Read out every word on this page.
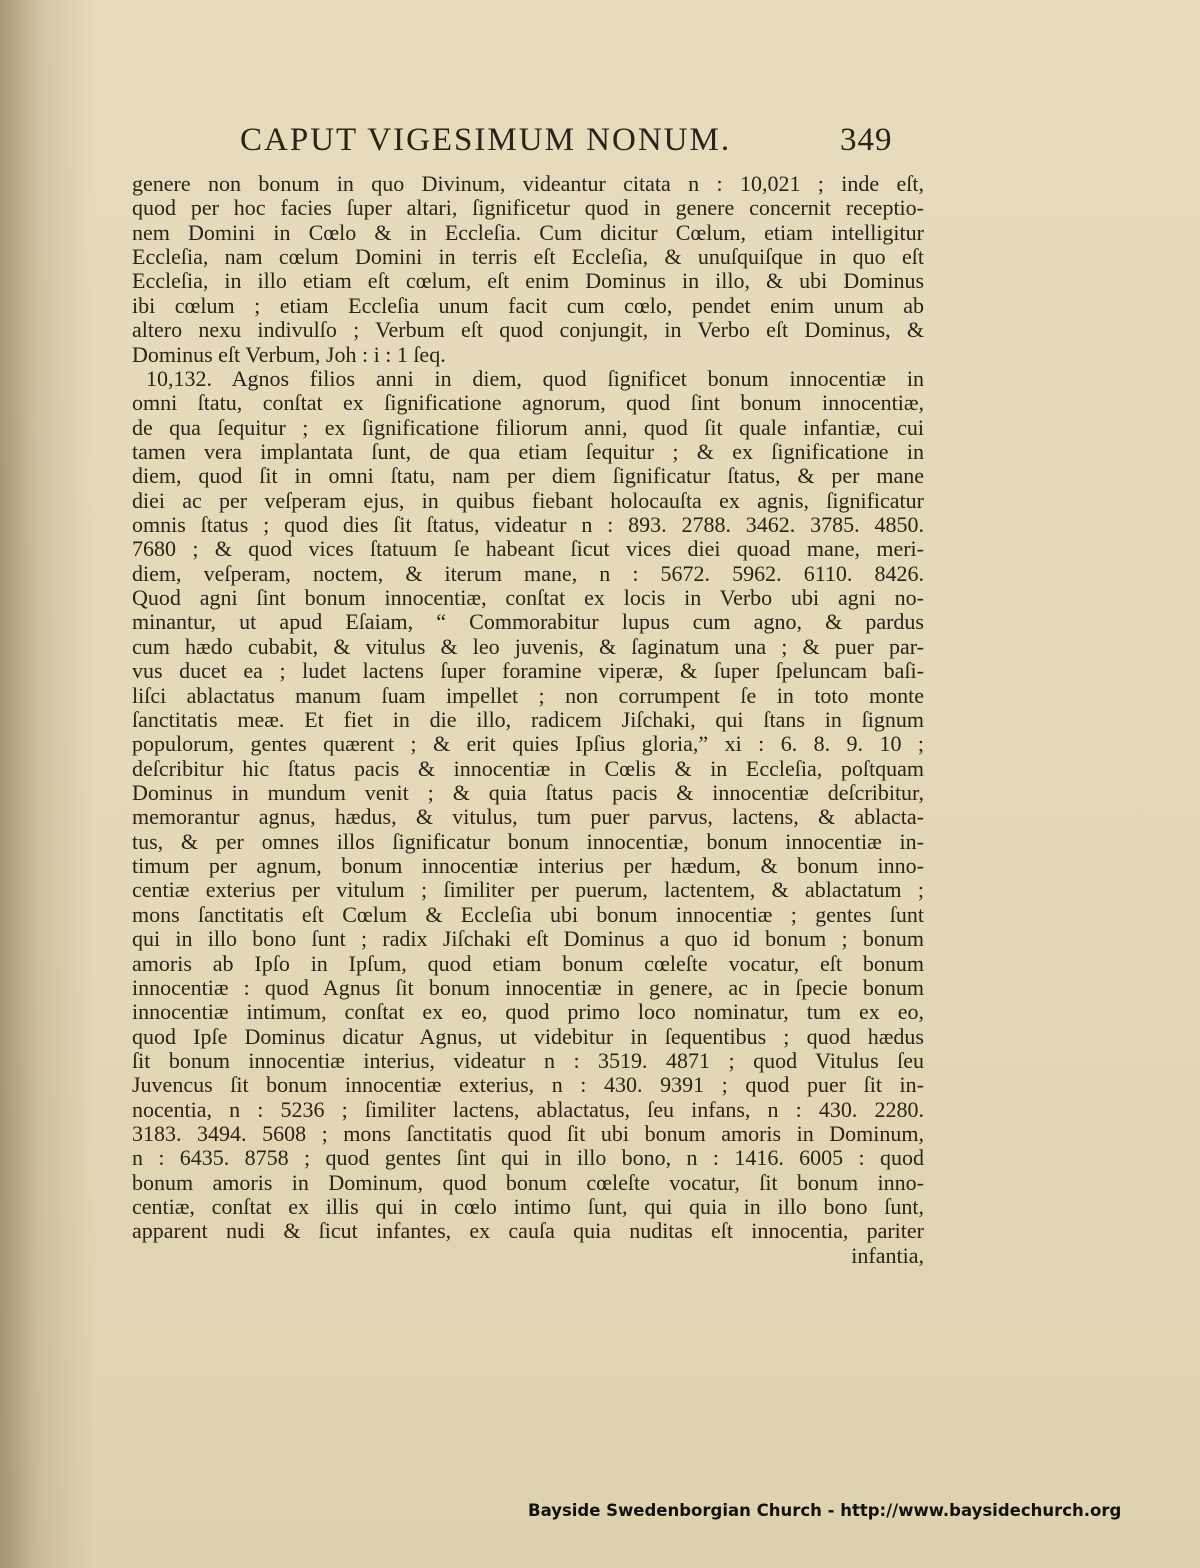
CAPUT VIGESIMUM NONUM.	349
genere non bonum in quo Divinum, videantur citata n : 10,021 ; inde eſt,
quod per hoc facies ſuper altari, ſignificetur quod in genere concernit receptio-
nem Domini in Cœlo & in Eccleſia. Cum dicitur Cœlum, etiam intelligitur
Eccleſia, nam cœlum Domini in terris eſt Eccleſia, & unuſquiſque in quo eſt
Eccleſia, in illo etiam eſt cœlum, eſt enim Dominus in illo, & ubi Dominus
ibi cœlum ; etiam Eccleſia unum facit cum cœlo, pendet enim unum ab
altero nexu indivulſo ; Verbum eſt quod conjungit, in Verbo eſt Dominus, &
Dominus eſt Verbum, Joh : i : 1 ſeq.
10,132. Agnos filios anni in diem, quod ſignificet bonum innocentiæ in
omni ſtatu, conſtat ex ſignificatione agnorum, quod ſint bonum innocentiæ,
de qua ſequitur ; ex ſignificatione filiorum anni, quod ſit quale infantiæ, cui
tamen vera implantata ſunt, de qua etiam ſequitur ; & ex ſignificatione in
diem, quod ſit in omni ſtatu, nam per diem ſignificatur ſtatus, & per mane
diei ac per veſperam ejus, in quibus fiebant holocauſta ex agnis, ſignificatur
omnis ſtatus ; quod dies ſit ſtatus, videatur n : 893. 2788. 3462. 3785. 4850.
7680 ; & quod vices ſtatuum ſe habeant ſicut vices diei quoad mane, meri-
diem, veſperam, noctem, & iterum mane, n : 5672. 5962. 6110. 8426.
Quod agni ſint bonum innocentiæ, conſtat ex locis in Verbo ubi agni no-
minantur, ut apud Eſaiam, “ Commorabitur lupus cum agno, & pardus
cum hædo cubabit, & vitulus & leo juvenis, & ſaginatum una ; & puer par-
vus ducet ea ; ludet lactens ſuper foramine viperæ, & ſuper ſpeluncam baſi-
liſci ablactatus manum ſuam impellet ; non corrumpent ſe in toto monte
ſanctitatis meæ. Et fiet in die illo, radicem Jiſchaki, qui ſtans in ſignum
populorum, gentes quærent ; & erit quies Ipſius gloria,” xi : 6. 8. 9. 10 ;
deſcribitur hic ſtatus pacis & innocentiæ in Cœlis & in Eccleſia, poſtquam
Dominus in mundum venit ; & quia ſtatus pacis & innocentiæ deſcribitur,
memorantur agnus, hædus, & vitulus, tum puer parvus, lactens, & ablacta-
tus, & per omnes illos ſignificatur bonum innocentiæ, bonum innocentiæ in-
timum per agnum, bonum innocentiæ interius per hædum, & bonum inno-
centiæ exterius per vitulum ; ſimiliter per puerum, lactentem, & ablactatum ;
mons ſanctitatis eſt Cœlum & Eccleſia ubi bonum innocentiæ ; gentes ſunt
qui in illo bono ſunt ; radix Jiſchaki eſt Dominus a quo id bonum ; bonum
amoris ab Ipſo in Ipſum, quod etiam bonum cœleſte vocatur, eſt bonum
innocentiæ : quod Agnus ſit bonum innocentiæ in genere, ac in ſpecie bonum
innocentiæ intimum, conſtat ex eo, quod primo loco nominatur, tum ex eo,
quod Ipſe Dominus dicatur Agnus, ut videbitur in ſequentibus ; quod hædus
ſit bonum innocentiæ interius, videatur n : 3519. 4871 ; quod Vitulus ſeu
Juvencus ſit bonum innocentiæ exterius, n : 430. 9391 ; quod puer ſit in-
nocentia, n : 5236 ; ſimiliter lactens, ablactatus, ſeu infans, n : 430. 2280.
3183. 3494. 5608 ; mons ſanctitatis quod ſit ubi bonum amoris in Dominum,
n : 6435. 8758 ; quod gentes ſint qui in illo bono, n : 1416. 6005 : quod
bonum amoris in Dominum, quod bonum cœleſte vocatur, ſit bonum inno-
centiæ, conſtat ex illis qui in cœlo intimo ſunt, qui quia in illo bono ſunt,
apparent nudi & ſicut infantes, ex cauſa quia nuditas eſt innocentia, pariter
infantia,
Bayside Swedenborgian Church - http://www.baysidechurch.org
